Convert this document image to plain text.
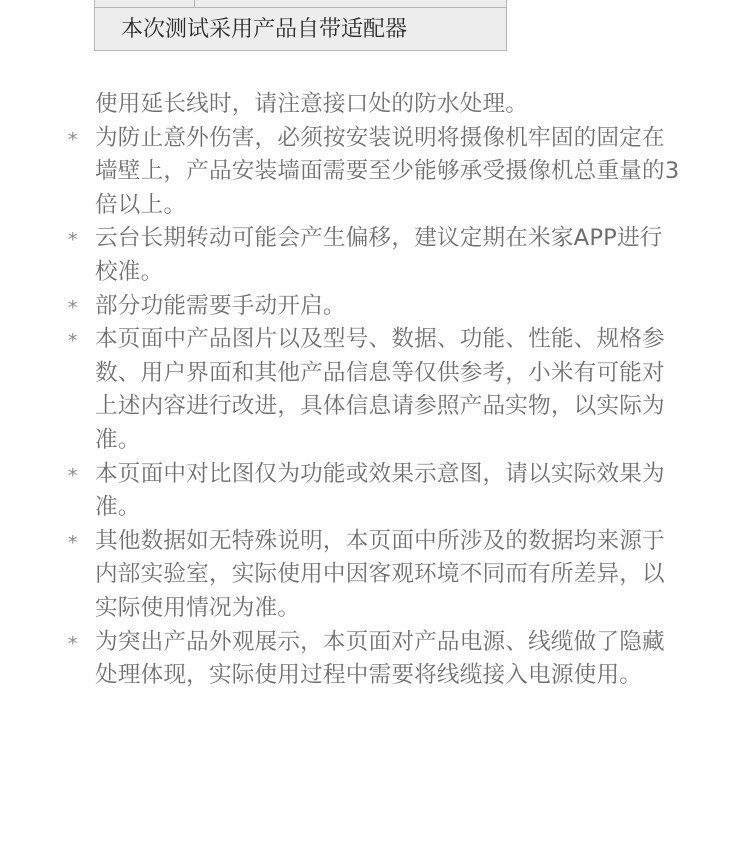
本次测试采用产品自带适配器
使用延长线时，请注意接口处的防水处理。
* 为防止意外伤害，必须按安装说明将摄像机牢固的固定在墙壁上，产品安装墙面需要至少能够承受摄像机总重量的3倍以上。
* 云台长期转动可能会产生偏移，建议定期在米家APP进行校准。
* 部分功能需要手动开启。
* 本页面中产品图片以及型号、数据、功能、性能、规格参数、用户界面和其他产品信息等仅供参考，小米有可能对上述内容进行改进，具体信息请参照产品实物，以实际为准。
* 本页面中对比图仅为功能或效果示意图，请以实际效果为准。
* 其他数据如无特殊说明，本页面中所涉及的数据均来源于内部实验室，实际使用中因客观环境不同而有所差异，以实际使用情况为准。
* 为突出产品外观展示，本页面对产品电源、线缆做了隐藏处理体现，实际使用过程中需要将线缆接入电源使用。
